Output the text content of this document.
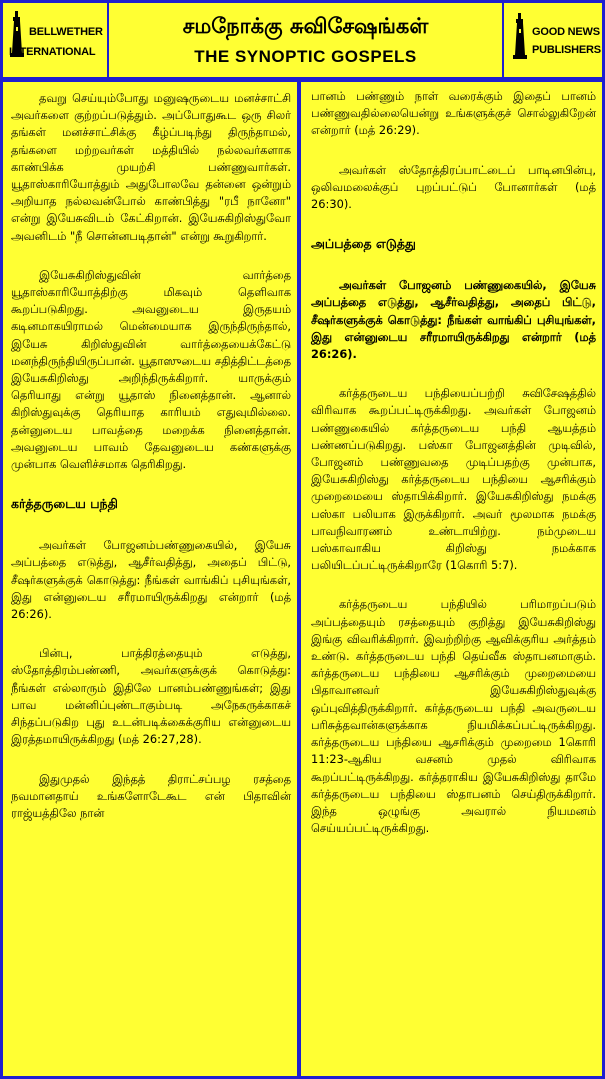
BELLWETHER
INTERNATIONAL
சமநோக்கு சுவிசேஷங்கள்
THE SYNOPTIC GOSPELS
GOOD NEWS
PUBLISHERS

தவறு செய்யும்போது மனுஷருடைய மனச்சாட்சி அவர்களை குற்றப்படுத்தும். அப்போதுகூட ஒரு சிலர் தங்கள் மனச்சாட்சிக்கு கீழ்ப்படிந்து திருந்தாமல், தங்களை மற்றவர்கள் மத்தியில் நல்லவர்களாக காண்பிக்க முயற்சி பண்ணுவார்கள். யூதாஸ்காரியோத்தும் அதுபோலவே தன்னை ஒன்றும் அறியாத நல்லவன்போல் காண்பித்து "ரபீ நானோ" என்று இயேசுவிடம் கேட்கிறான். இயேசுகிறிஸ்துவோ அவனிடம் "நீ சொன்னபடிதான்" என்று கூறுகிறார்.

இயேசுகிறிஸ்துவின் வார்த்தை யூதாஸ்காரியோத்திற்கு மிகவும் தெளிவாக கூறப்படுகிறது. அவனுடைய இருதயம் கடினமாகயிராமல் மென்மையாக இருந்திருந்தால், இயேசு கிறிஸ்துவின் வார்த்தையைக்கேட்டு மனந்திருந்தியிருப்பான். யூதாஸுடைய சதித்திட்டத்தை இயேசுகிறிஸ்து அறிந்திருக்கிறார். யாருக்கும் தெரியாது என்று யூதாஸ் நினைத்தான். ஆனால் கிறிஸ்துவுக்கு தெரியாத காரியம் எதுவுமில்லை. தன்னுடைய பாவத்தை மறைக்க நினைத்தான். அவனுடைய பாவம் தேவனுடைய கண்களுக்கு முன்பாக வெளிச்சமாக தெரிகிறது.

கர்த்தருடைய பந்தி

அவர்கள் போஜனம்பண்ணுகையில், இயேசு அப்பத்தை எடுத்து, ஆசீர்வதித்து, அதைப் பிட்டு, சீஷர்களுக்குக் கொடுத்து: நீங்கள் வாங்கிப் புசியுங்கள், இது என்னுடைய சரீரமாயிருக்கிறது என்றார் (மத் 26:26).

பின்பு, பாத்திரத்தையும் எடுத்து, ஸ்தோத்திரம்பண்ணி, அவர்களுக்குக் கொடுத்து: நீங்கள் எல்லாரும் இதிலே பானம்பண்ணுங்கள்; இது பாவ மன்னிப்புண்டாகும்படி அநேகருக்காகச் சிந்தப்படுகிற புது உடன்படிக்கைக்குரிய என்னுடைய இரத்தமாயிருக்கிறது (மத் 26:27,28).

இதுமுதல் இந்தத் திராட்சப்பழ ரசத்தை நவமானதாய் உங்களோடேகூட என் பிதாவின் ராஜ்யத்திலே நான்

பானம் பண்ணும் நாள் வரைக்கும் இதைப் பானம் பண்ணுவதில்லையென்று உங்களுக்குச் சொல்லுகிறேன் என்றார் (மத் 26:29).

அவர்கள் ஸ்தோத்திரப்பாட்டைப் பாடினபின்பு, ஒலிவமலைக்குப் புறப்பட்டுப் போனார்கள் (மத் 26:30).

அப்பத்தை எடுத்து

அவர்கள் போஜனம் பண்ணுகையில், இயேசு அப்பத்தை எடுத்து, ஆசீர்வதித்து, அதைப் பிட்டு, சீஷர்களுக்குக் கொடுத்து: நீங்கள் வாங்கிப் புசியுங்கள், இது என்னுடைய சரீரமாயிருக்கிறது என்றார் (மத் 26:26).

கர்த்தருடைய பந்தியைப்பற்றி சுவிசேஷத்தில் விரிவாக கூறப்பட்டிருக்கிறது. அவர்கள் போஜனம் பண்ணுகையில் கர்த்தருடைய பந்தி ஆயத்தம் பண்ணப்படுகிறது. பஸ்கா போஜனத்தின் முடிவில், போஜனம் பண்ணுவதை முடிப்பதற்கு முன்பாக, இயேசுகிறிஸ்து கர்த்தருடைய பந்தியை ஆசரிக்கும் முறைமையை ஸ்தாபிக்கிறார். இயேசுகிறிஸ்து நமக்கு பஸ்கா பலியாக இருக்கிறார். அவர் மூலமாக நமக்கு பாவநிவாரணம் உண்டாயிற்று. நம்முடைய பஸ்காவாகிய கிறிஸ்து நமக்காக பலியிடப்பட்டிருக்கிறாரே (1கொரி 5:7).

கர்த்தருடைய பந்தியில் பரிமாறப்படும் அப்பத்தையும் ரசத்தையும் குறித்து இயேசுகிறிஸ்து இங்கு விவரிக்கிறார். இவற்றிற்கு ஆவிக்குரிய அர்த்தம் உண்டு. கர்த்தருடைய பந்தி தெய்வீக ஸ்தாபனமாகும். கர்த்தருடைய பந்தியை ஆசரிக்கும் முறைமையை பிதாவானவர் இயேசுகிறிஸ்துவுக்கு ஒப்புவித்திருக்கிறார். கர்த்தருடைய பந்தி அவருடைய பரிசுத்தவான்களுக்காக நியமிக்கப்பட்டிருக்கிறது. கர்த்தருடைய பந்தியை ஆசரிக்கும் முறைமை 1கொரி 11:23-ஆகிய வசனம் முதல் விரிவாக கூறப்பட்டிருக்கிறது. கர்த்தராகிய இயேசுகிறிஸ்து தாமே கர்த்தருடைய பந்தியை ஸ்தாபனம் செய்திருக்கிறார். இந்த ஒழுங்கு அவரால் நியமனம் செய்யப்பட்டிருக்கிறது.
